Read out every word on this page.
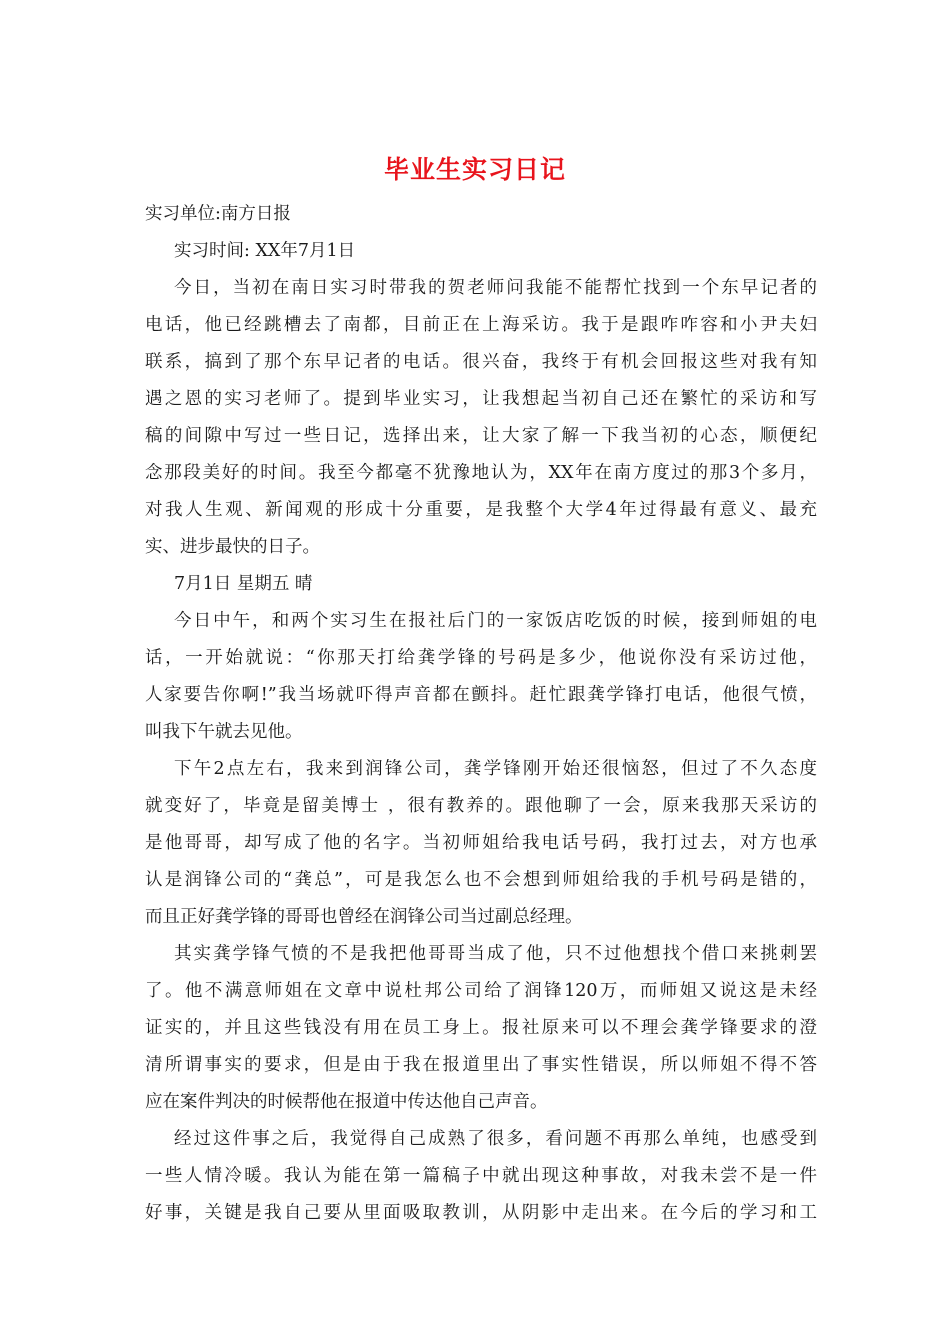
毕业生实习日记
实习单位:南方日报
实习时间: XX年7月1日
今日，当初在南日实习时带我的贺老师问我能不能帮忙找到一个东早记者的
电话，他已经跳槽去了南都，目前正在上海采访。我于是跟咋咋容和小尹夫妇
联系，搞到了那个东早记者的电话。很兴奋，我终于有机会回报这些对我有知
遇之恩的实习老师了。提到毕业实习，让我想起当初自己还在繁忙的采访和写
稿的间隙中写过一些日记，选择出来，让大家了解一下我当初的心态，顺便纪
念那段美好的时间。我至今都毫不犹豫地认为，XX年在南方度过的那3个多月，
对我人生观、新闻观的形成十分重要，是我整个大学4年过得最有意义、最充
实、进步最快的日子。
7月1日 星期五 晴
今日中午，和两个实习生在报社后门的一家饭店吃饭的时候，接到师姐的电
话，一开始就说：“你那天打给龚学锋的号码是多少，他说你没有采访过他，
人家要告你啊!”我当场就吓得声音都在颤抖。赶忙跟龚学锋打电话，他很气愤，
叫我下午就去见他。
下午2点左右，我来到润锋公司，龚学锋刚开始还很恼怒，但过了不久态度
就变好了，毕竟是留美博士 ，很有教养的。跟他聊了一会，原来我那天采访的
是他哥哥，却写成了他的名字。当初师姐给我电话号码，我打过去，对方也承
认是润锋公司的“龚总”，可是我怎么也不会想到师姐给我的手机号码是错的，
而且正好龚学锋的哥哥也曾经在润锋公司当过副总经理。
其实龚学锋气愤的不是我把他哥哥当成了他，只不过他想找个借口来挑刺罢
了。他不满意师姐在文章中说杜邦公司给了润锋120万，而师姐又说这是未经
证实的，并且这些钱没有用在员工身上。报社原来可以不理会龚学锋要求的澄
清所谓事实的要求，但是由于我在报道里出了事实性错误，所以师姐不得不答
应在案件判决的时候帮他在报道中传达他自己声音。
经过这件事之后，我觉得自己成熟了很多，看问题不再那么单纯，也感受到
一些人情冷暖。我认为能在第一篇稿子中就出现这种事故，对我未尝不是一件
好事，关键是我自己要从里面吸取教训，从阴影中走出来。在今后的学习和工
